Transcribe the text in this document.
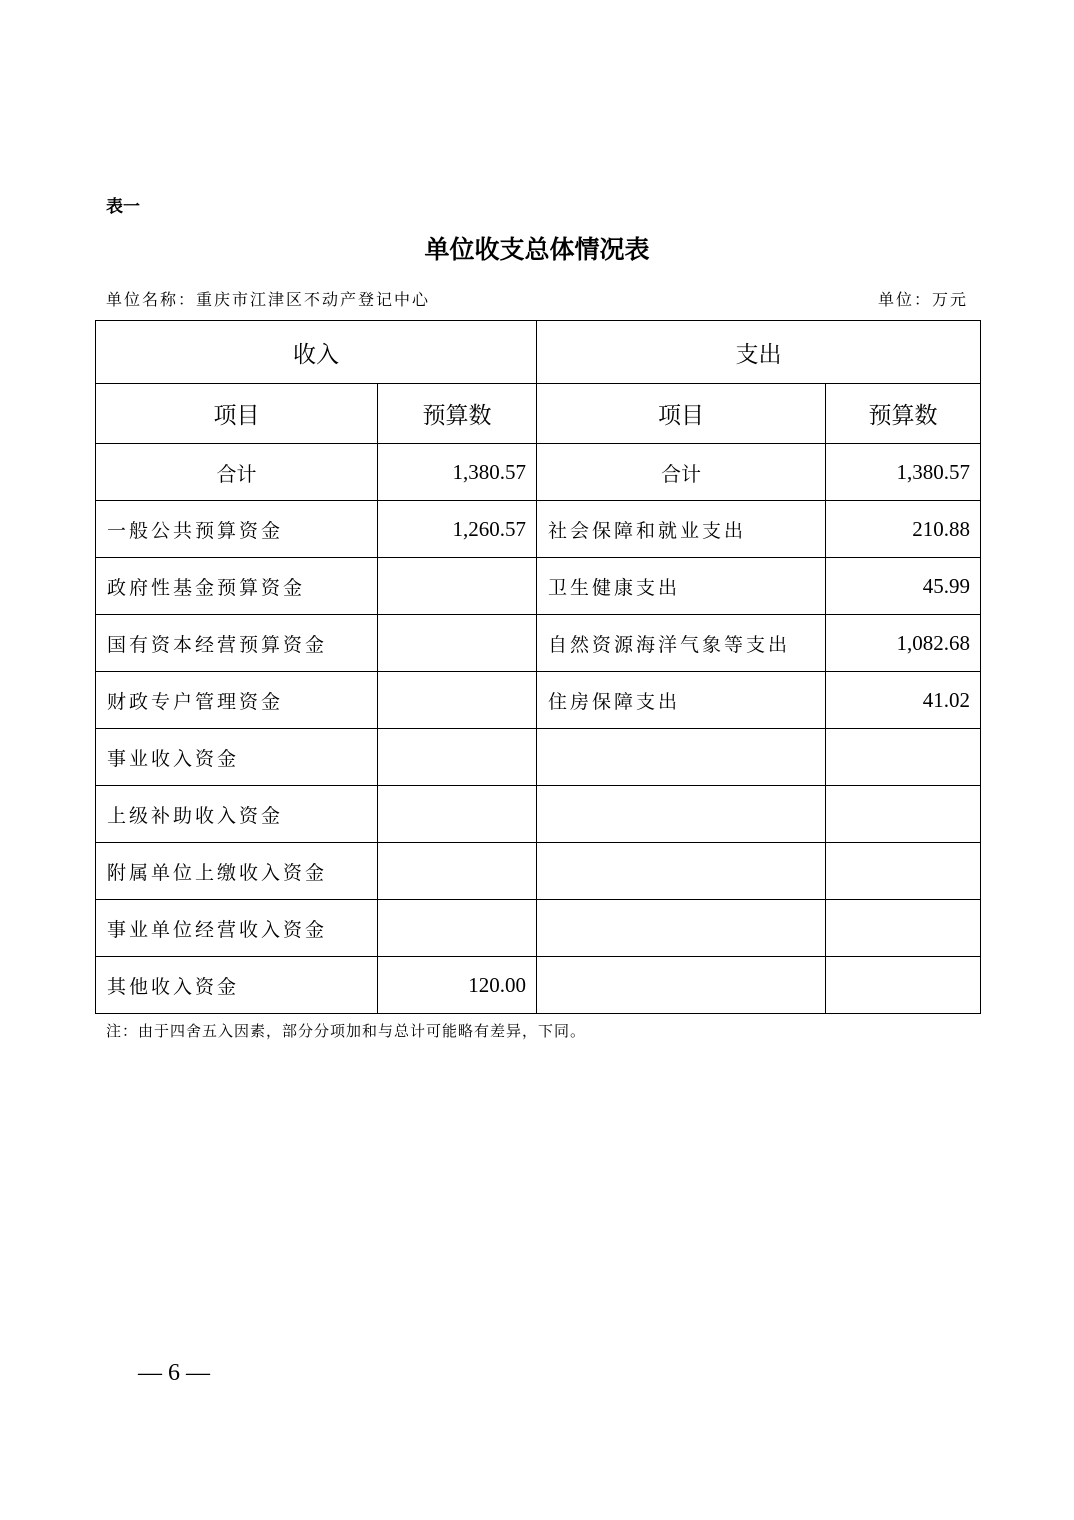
表一
单位收支总体情况表
单位名称：重庆市江津区不动产登记中心	单位：万元
收入		支出	
项目	预算数	项目	预算数
合计	1,380.57	合计	1,380.57
一般公共预算资金	1,260.57	社会保障和就业支出	210.88
政府性基金预算资金		卫生健康支出	45.99
国有资本经营预算资金		自然资源海洋气象等支出	1,082.68
财政专户管理资金		住房保障支出	41.02
事业收入资金			
上级补助收入资金			
附属单位上缴收入资金			
事业单位经营收入资金			
其他收入资金	120.00		
注：由于四舍五入因素，部分分项加和与总计可能略有差异，下同。
— 6 —
